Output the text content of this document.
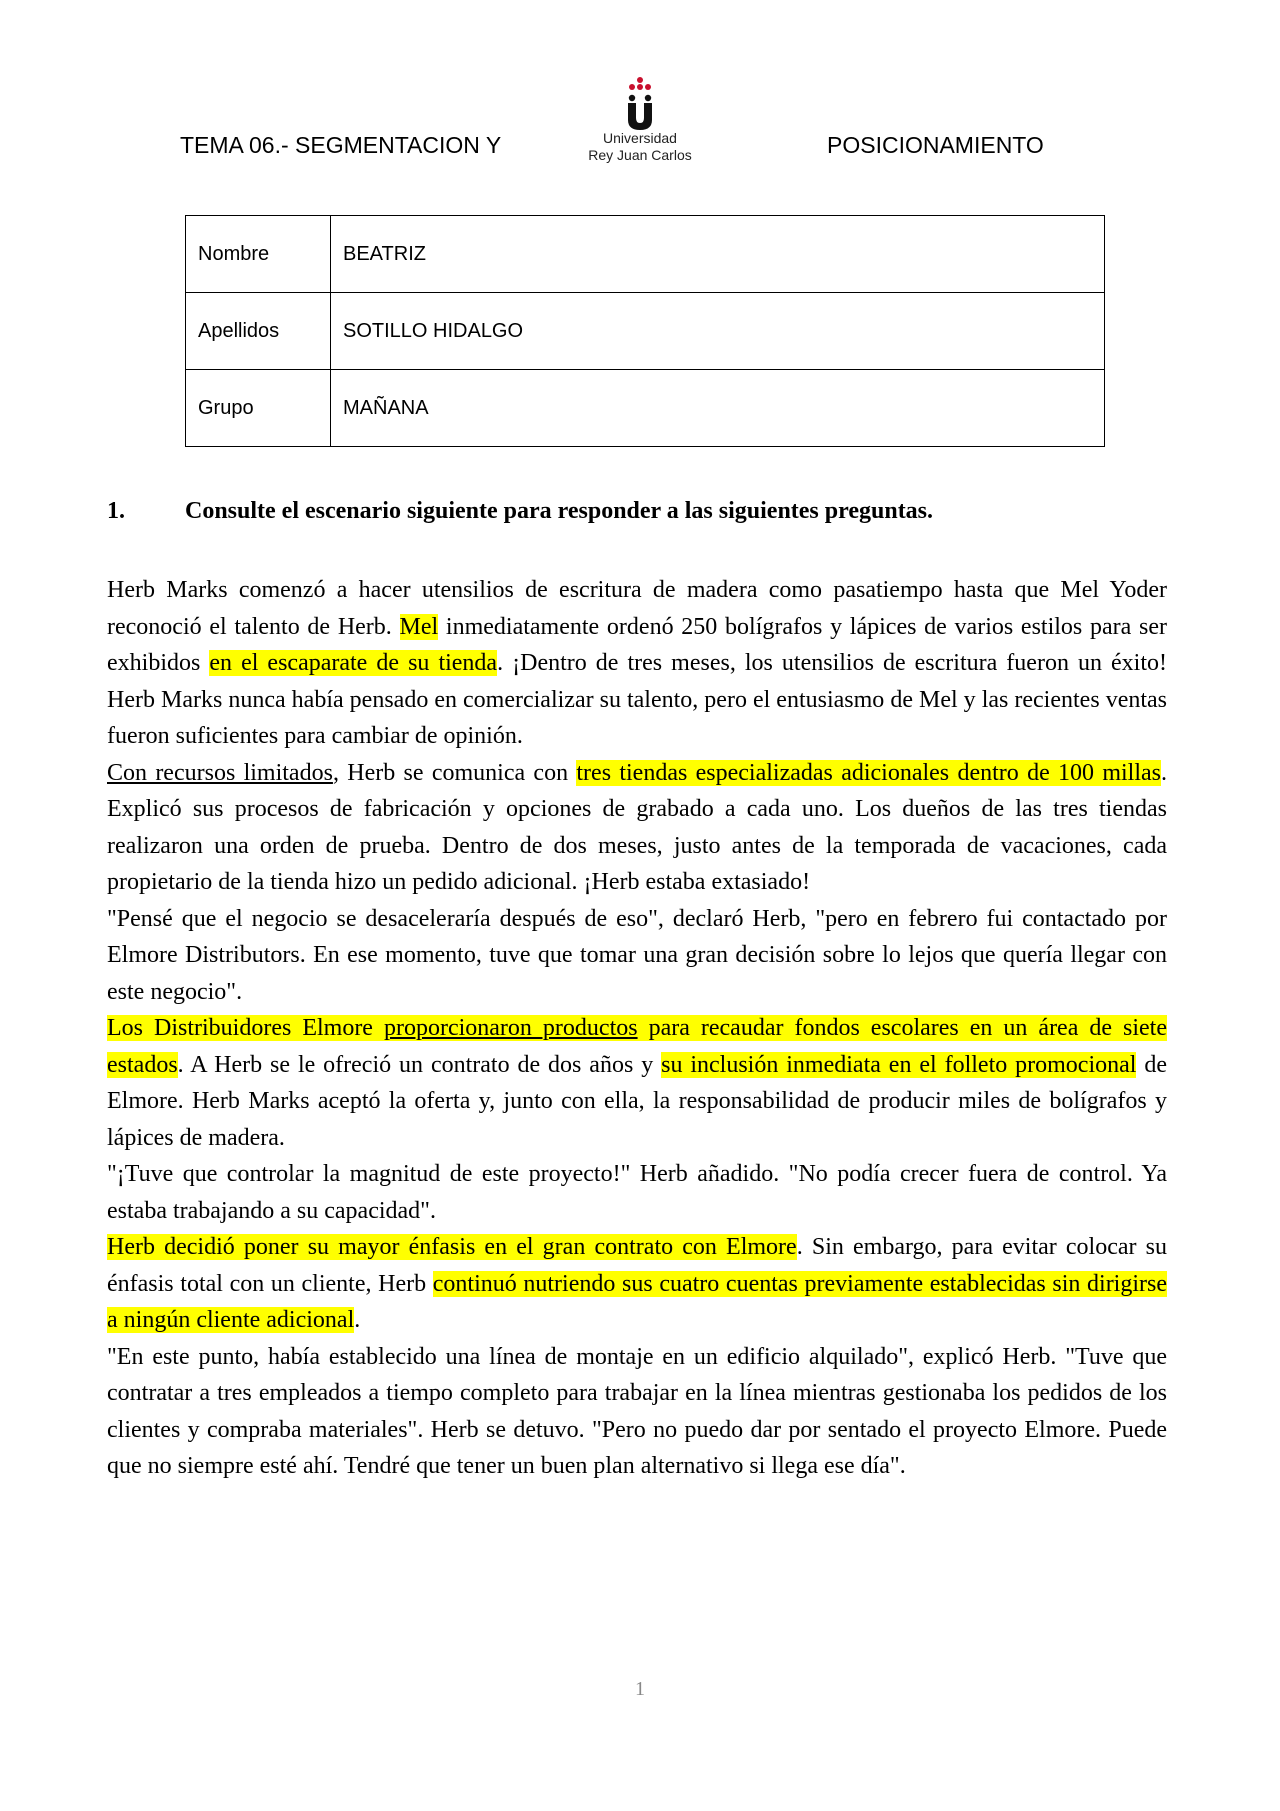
TEMA 06.- SEGMENTACION Y	Universidad
Rey Juan Carlos	POSICIONAMIENTO
Nombre	BEATRIZ
Apellidos	SOTILLO HIDALGO
Grupo	MAÑANA
1.	Consulte el escenario siguiente para responder a las siguientes preguntas.

Herb Marks comenzó a hacer utensilios de escritura de madera como pasatiempo hasta que Mel Yoder reconoció el talento de Herb. Mel inmediatamente ordenó 250 bolígrafos y lápices de varios estilos para ser exhibidos en el escaparate de su tienda. ¡Dentro de tres meses, los utensilios de escritura fueron un éxito! Herb Marks nunca había pensado en comercializar su talento, pero el entusiasmo de Mel y las recientes ventas fueron suficientes para cambiar de opinión.

Con recursos limitados, Herb se comunica con tres tiendas especializadas adicionales dentro de 100 millas. Explicó sus procesos de fabricación y opciones de grabado a cada uno. Los dueños de las tres tiendas realizaron una orden de prueba. Dentro de dos meses, justo antes de la temporada de vacaciones, cada propietario de la tienda hizo un pedido adicional. ¡Herb estaba extasiado!

"Pensé que el negocio se desaceleraría después de eso", declaró Herb, "pero en febrero fui contactado por Elmore Distributors. En ese momento, tuve que tomar una gran decisión sobre lo lejos que quería llegar con este negocio".

Los Distribuidores Elmore proporcionaron productos para recaudar fondos escolares en un área de siete estados. A Herb se le ofreció un contrato de dos años y su inclusión inmediata en el folleto promocional de Elmore. Herb Marks aceptó la oferta y, junto con ella, la responsabilidad de producir miles de bolígrafos y lápices de madera.

"¡Tuve que controlar la magnitud de este proyecto!" Herb añadido. "No podía crecer fuera de control. Ya estaba trabajando a su capacidad".

Herb decidió poner su mayor énfasis en el gran contrato con Elmore. Sin embargo, para evitar colocar su énfasis total con un cliente, Herb continuó nutriendo sus cuatro cuentas previamente establecidas sin dirigirse a ningún cliente adicional.

"En este punto, había establecido una línea de montaje en un edificio alquilado", explicó Herb. "Tuve que contratar a tres empleados a tiempo completo para trabajar en la línea mientras gestionaba los pedidos de los clientes y compraba materiales". Herb se detuvo. "Pero no puedo dar por sentado el proyecto Elmore. Puede que no siempre esté ahí. Tendré que tener un buen plan alternativo si llega ese día".

1
